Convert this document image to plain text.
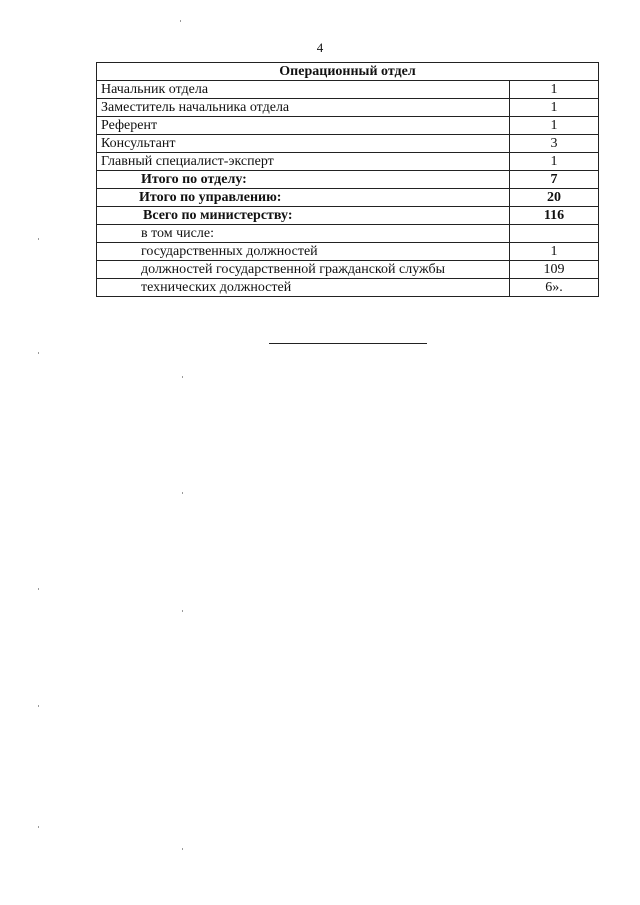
4
Операционный отдел	
Начальник отдела	1
Заместитель начальника отдела	1
Референт	1
Консультант	3
Главный специалист-эксперт	1
Итого по отделу:	7
Итого по управлению:	20
Всего по министерству:	116
в том числе:	
государственных должностей	1
должностей государственной гражданской службы	109
технических должностей	6».
